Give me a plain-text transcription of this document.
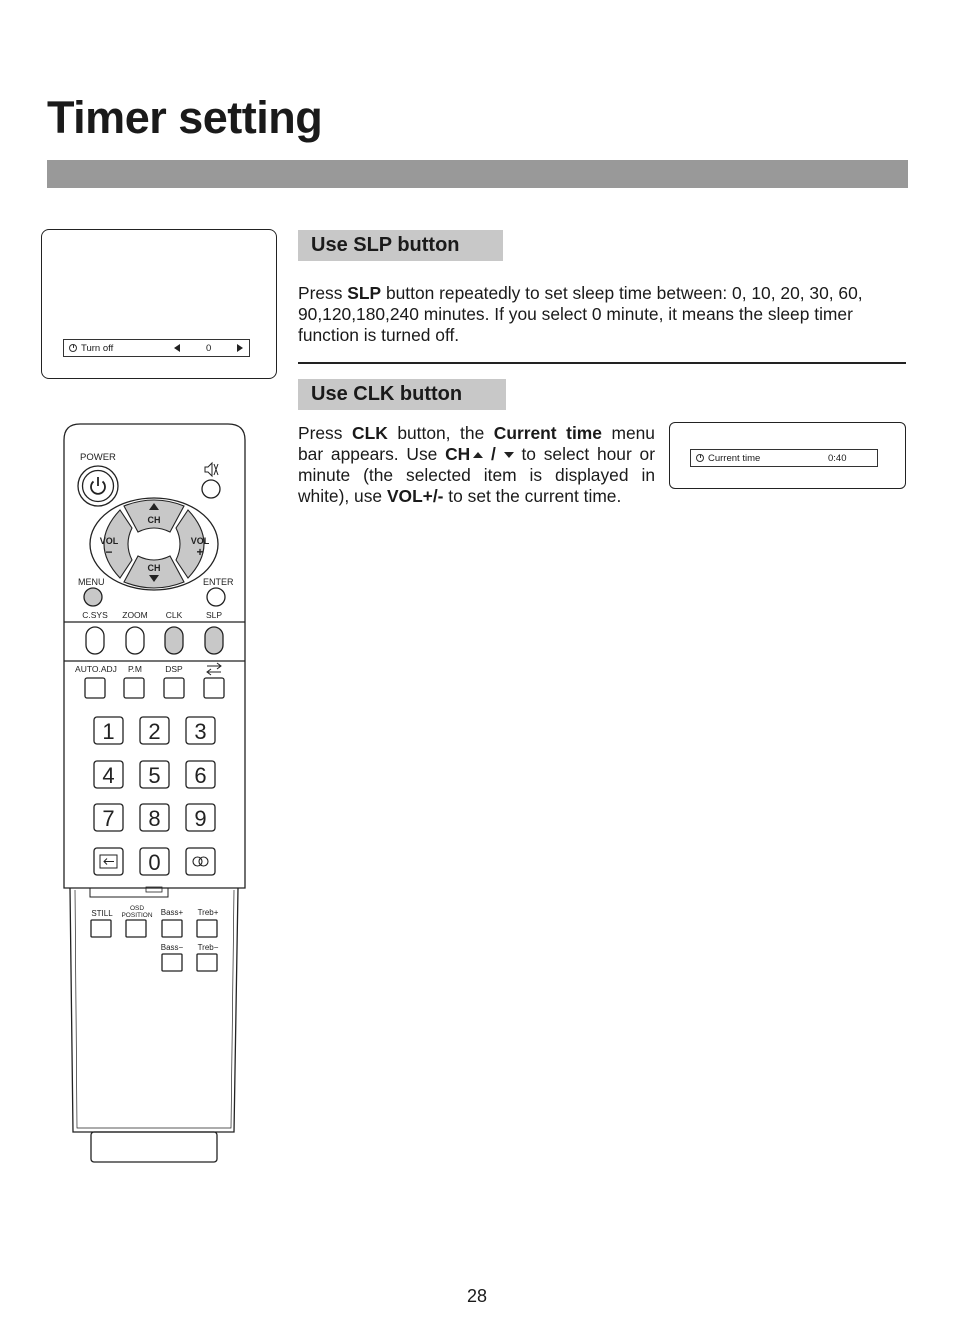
Timer setting
Turn off	0
Use SLP button
Press SLP button repeatedly to set sleep time between: 0, 10, 20, 30, 60, 90,120,180,240 minutes. If you select 0 minute, it means the sleep timer function is turned off.
Use CLK button
Press CLK button, the Current time menu bar appears. Use CH /  to select hour or minute (the selected item is displayed in white), use VOL+/- to set the current time.
Current time	0:40
POWER
CH
CH
VOL
−
VOL
+
MENU	ENTER
C.SYS ZOOM CLK	SLP
AUTO.ADJ P.M	DSP
1 2 3
4 5 6
7 8 9
0
STILL
OSD
POSITION Bass+ Treb+
Bass− Treb−
28
